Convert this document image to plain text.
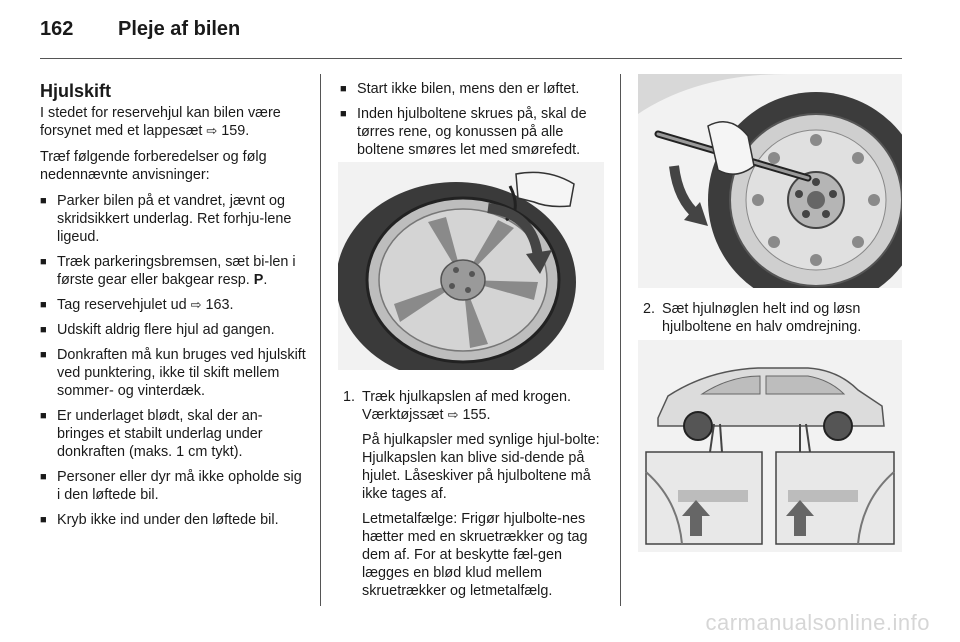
162 Pleje af bilen
Hjulskift

I stedet for reservehjul kan bilen være forsynet med et lappesæt ⇨ 159.

Træf følgende forberedelser og følg nedennævnte anvisninger:

■ Parker bilen på et vandret, jævnt og skridsikkert underlag. Ret forhju-lene ligeud.
■ Træk parkeringsbremsen, sæt bi-len i første gear eller bakgear resp. P.
■ Tag reservehjulet ud ⇨ 163.
■ Udskift aldrig flere hjul ad gangen.
■ Donkraften må kun bruges ved hjulskift ved punktering, ikke til skift mellem sommer- og vinterdæk.
■ Er underlaget blødt, skal der an-bringes et stabilt underlag under donkraften (maks. 1 cm tykt).
■ Personer eller dyr må ikke opholde sig i den løftede bil.
■ Kryb ikke ind under den løftede bil.
■ Start ikke bilen, mens den er løftet.
■ Inden hjulboltene skrues på, skal de tørres rene, og konussen på alle boltene smøres let med smørefedt.
1. Træk hjulkapslen af med krogen. Værktøjssæt ⇨ 155.
På hjulkapsler med synlige hjul-bolte: Hjulkapslen kan blive sid-dende på hjulet. Låseskiver på hjulboltene må ikke tages af.
Letmetalfælge: Frigør hjulbolte-nes hætter med en skruetrækker og tag dem af. For at beskytte fæl-gen lægges en blød klud mellem skruetrækker og letmetalfælg.
2. Sæt hjulnøglen helt ind og løsn hjulboltene en halv omdrejning.
carmanualsonline.info
